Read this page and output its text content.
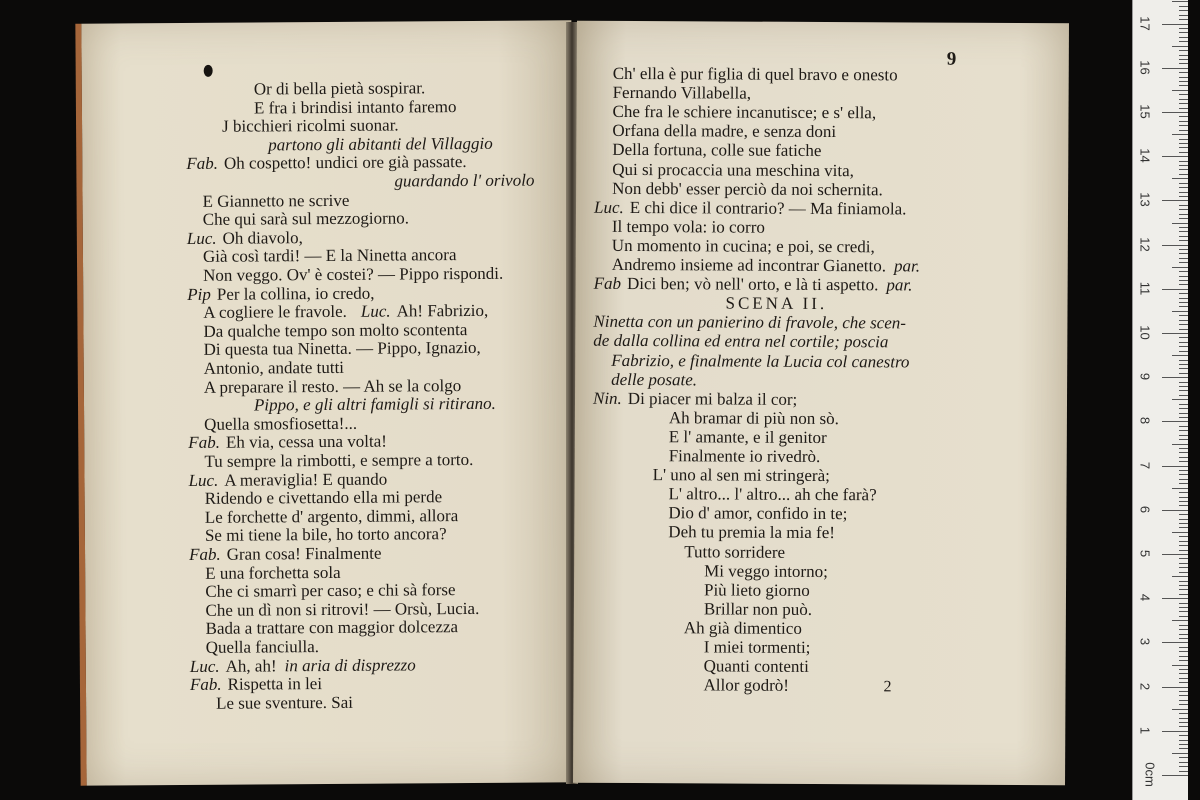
Or di bella pietà sospirar.
E fra i brindisi intanto faremo
J bicchieri ricolmi suonar.
partono gli abitanti del Villaggio
Fab. Oh cospetto! undici ore già passate.
guardando l' orivolo
E Giannetto ne scrive
Che qui sarà sul mezzogiorno.
Luc. Oh diavolo,
Già così tardi! — E la Ninetta ancora
Non veggo. Ov' è costei? — Pippo rispondi.
Pip Per la collina, io credo,
A cogliere le fravole. Luc. Ah! Fabrizio,
Da qualche tempo son molto scontenta
Di questa tua Ninetta. — Pippo, Ignazio,
Antonio, andate tutti
A preparare il resto. — Ah se la colgo
Pippo, e gli altri famigli si ritirano.
Quella smosfiosetta!...
Fab. Eh via, cessa una volta!
Tu sempre la rimbotti, e sempre a torto.
Luc. A meraviglia! E quando
Ridendo e civettando ella mi perde
Le forchette d' argento, dimmi, allora
Se mi tiene la bile, ho torto ancora?
Fab. Gran cosa! Finalmente
E una forchetta sola
Che ci smarrì per caso; e chi sà forse
Che un dì non si ritrovi! — Orsù, Lucia.
Bada a trattare con maggior dolcezza
Quella fanciulla.
Luc. Ah, ah! in aria di disprezzo
Fab. Rispetta in lei
Le sue sventure. Sai
9
Ch' ella è pur figlia di quel bravo e onesto
Fernando Villabella,
Che fra le schiere incanutisce; e s' ella,
Orfana della madre, e senza doni
Della fortuna, colle sue fatiche
Qui si procaccia una meschina vita,
Non debb' esser perciò da noi schernita.
Luc. E chi dice il contrario? — Ma finiamola.
Il tempo vola: io corro
Un momento in cucina; e poi, se credi,
Andremo insieme ad incontrar Gianetto. par.
Fab Dici ben; vò nell' orto, e là ti aspetto. par.
SCENA II.
Ninetta con un panierino di fravole, che scen-
de dalla collina ed entra nel cortile; poscia
Fabrizio, e finalmente la Lucia col canestro
delle posate.
Nin. Di piacer mi balza il cor;
Ah bramar di più non sò.
E l' amante, e il genitor
Finalmente io rivedrò.
L' uno al sen mi stringerà;
L' altro... l' altro... ah che farà?
Dio d' amor, confido in te;
Deh tu premia la mia fe!
Tutto sorridere
Mi veggo intorno;
Più lieto giorno
Brillar non può.
Ah già dimentico
I miei tormenti;
Quanti contenti
Allor godrò!	2
17
16
15
14
13
12
11
10
9
8
7
6
5
4
3
2
1
0cm
